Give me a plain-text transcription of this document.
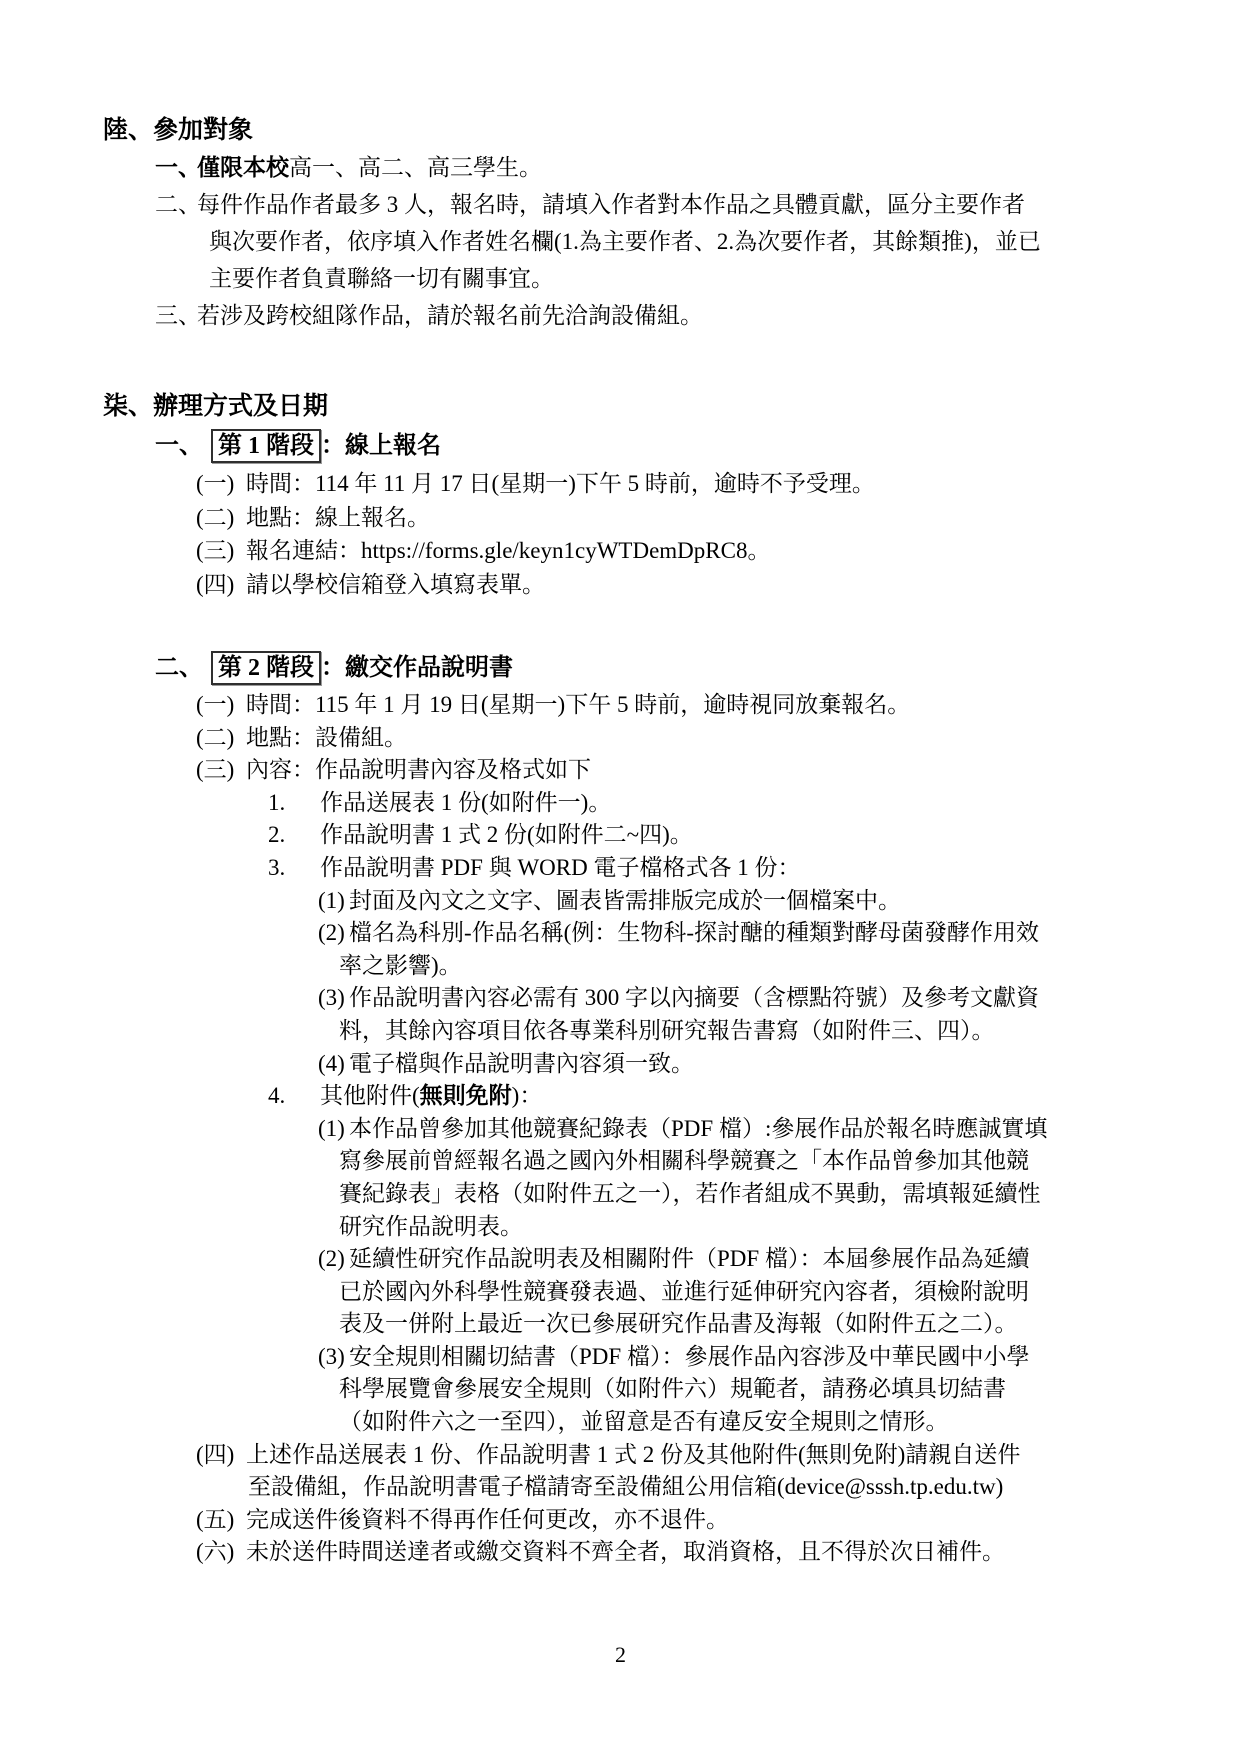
陸、參加對象
一、僅限本校高一、高二、高三學生。
二、每件作品作者最多 3 人，報名時，請填入作者對本作品之具體貢獻，區分主要作者
與次要作者，依序填入作者姓名欄(1.為主要作者、2.為次要作者，其餘類推)，並已
主要作者負責聯絡一切有關事宜。
三、若涉及跨校組隊作品，請於報名前先洽詢設備組。
柒、辦理方式及日期
一、 第 1 階段 ：線上報名
(一) 時間：114 年 11 月 17 日(星期一)下午 5 時前，逾時不予受理。
(二) 地點：線上報名。
(三) 報名連結：https://forms.gle/keyn1cyWTDemDpRC8。
(四) 請以學校信箱登入填寫表單。
二、 第 2 階段 ：繳交作品說明書
(一) 時間：115 年 1 月 19 日(星期一)下午 5 時前，逾時視同放棄報名。
(二) 地點：設備組。
(三) 內容：作品說明書內容及格式如下
1. 作品送展表 1 份(如附件一)。
2. 作品說明書 1 式 2 份(如附件二~四)。
3. 作品說明書 PDF 與 WORD 電子檔格式各 1 份：
(1) 封面及內文之文字、圖表皆需排版完成於一個檔案中。
(2) 檔名為科別-作品名稱(例：生物科-探討醣的種類對酵母菌發酵作用效
率之影響)。
(3) 作品說明書內容必需有 300 字以內摘要（含標點符號）及參考文獻資
料，其餘內容項目依各專業科別研究報告書寫（如附件三、四）。
(4) 電子檔與作品說明書內容須一致。
4. 其他附件(無則免附)：
(1) 本作品曾參加其他競賽紀錄表（PDF 檔）:參展作品於報名時應誠實填
寫參展前曾經報名過之國內外相關科學競賽之「本作品曾參加其他競
賽紀錄表」表格（如附件五之一），若作者組成不異動，需填報延續性
研究作品說明表。
(2) 延續性研究作品說明表及相關附件（PDF 檔）：本屆參展作品為延續
已於國內外科學性競賽發表過、並進行延伸研究內容者，須檢附說明
表及一併附上最近一次已參展研究作品書及海報（如附件五之二）。
(3) 安全規則相關切結書（PDF 檔）：參展作品內容涉及中華民國中小學
科學展覽會參展安全規則（如附件六）規範者，請務必填具切結書
（如附件六之一至四），並留意是否有違反安全規則之情形。
(四) 上述作品送展表 1 份、作品說明書 1 式 2 份及其他附件(無則免附)請親自送件
至設備組，作品說明書電子檔請寄至設備組公用信箱(device@sssh.tp.edu.tw)
(五) 完成送件後資料不得再作任何更改，亦不退件。
(六) 未於送件時間送達者或繳交資料不齊全者，取消資格，且不得於次日補件。
2
